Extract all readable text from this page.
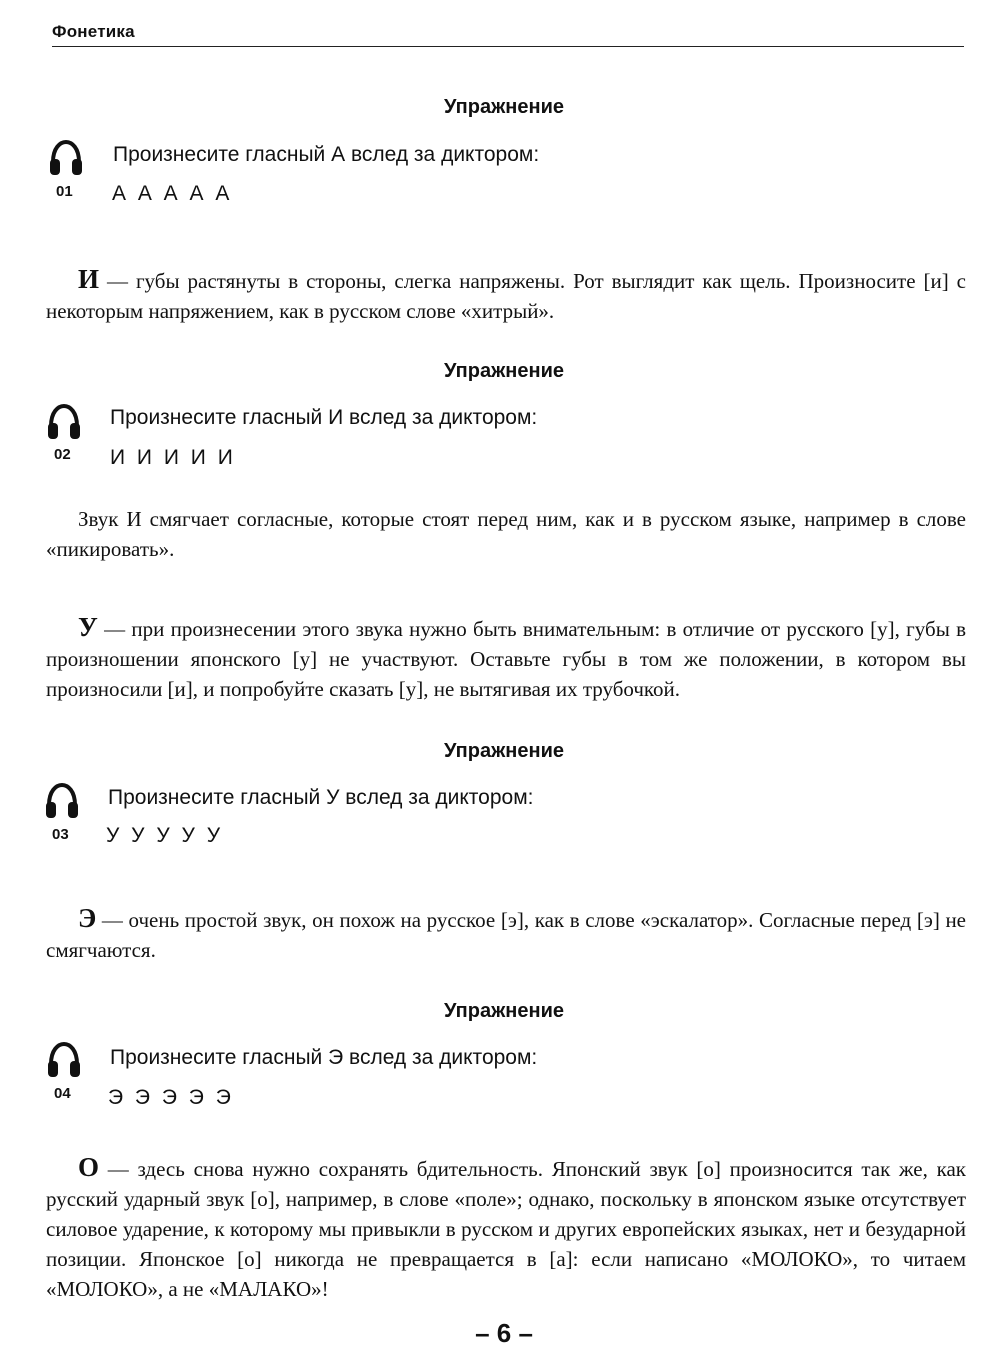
Фонетика
Упражнение
01
Произнесите гласный А вслед за диктором:
А А А А А
И — губы растянуты в стороны, слегка напряжены. Рот выглядит как щель. Произносите [и] с некоторым напряжением, как в русском слове «хитрый».
Упражнение
02
Произнесите гласный И вслед за диктором:
И И И И И
Звук И смягчает согласные, которые стоят перед ним, как и в русском языке, например в слове «пикировать».
У — при произнесении этого звука нужно быть внимательным: в отличие от русского [у], губы в произношении японского [у] не участвуют. Оставьте губы в том же положении, в котором вы произносили [и], и попробуйте сказать [у], не вытягивая их трубочкой.
Упражнение
03
Произнесите гласный У вслед за диктором:
У У У У У
Э — очень простой звук, он похож на русское [э], как в слове «эскалатор». Согласные перед [э] не смягчаются.
Упражнение
04
Произнесите гласный Э вслед за диктором:
Э Э Э Э Э
О — здесь снова нужно сохранять бдительность. Японский звук [о] произносится так же, как русский ударный звук [о], например, в слове «поле»; однако, поскольку в японском языке отсутствует силовое ударение, к которому мы привыкли в русском и других европейских языках, нет и безударной позиции. Японское [о] никогда не превращается в [а]: если написано «МОЛОКО», то читаем «МОЛОКО», а не «МАЛАКО»!
– 6 –
